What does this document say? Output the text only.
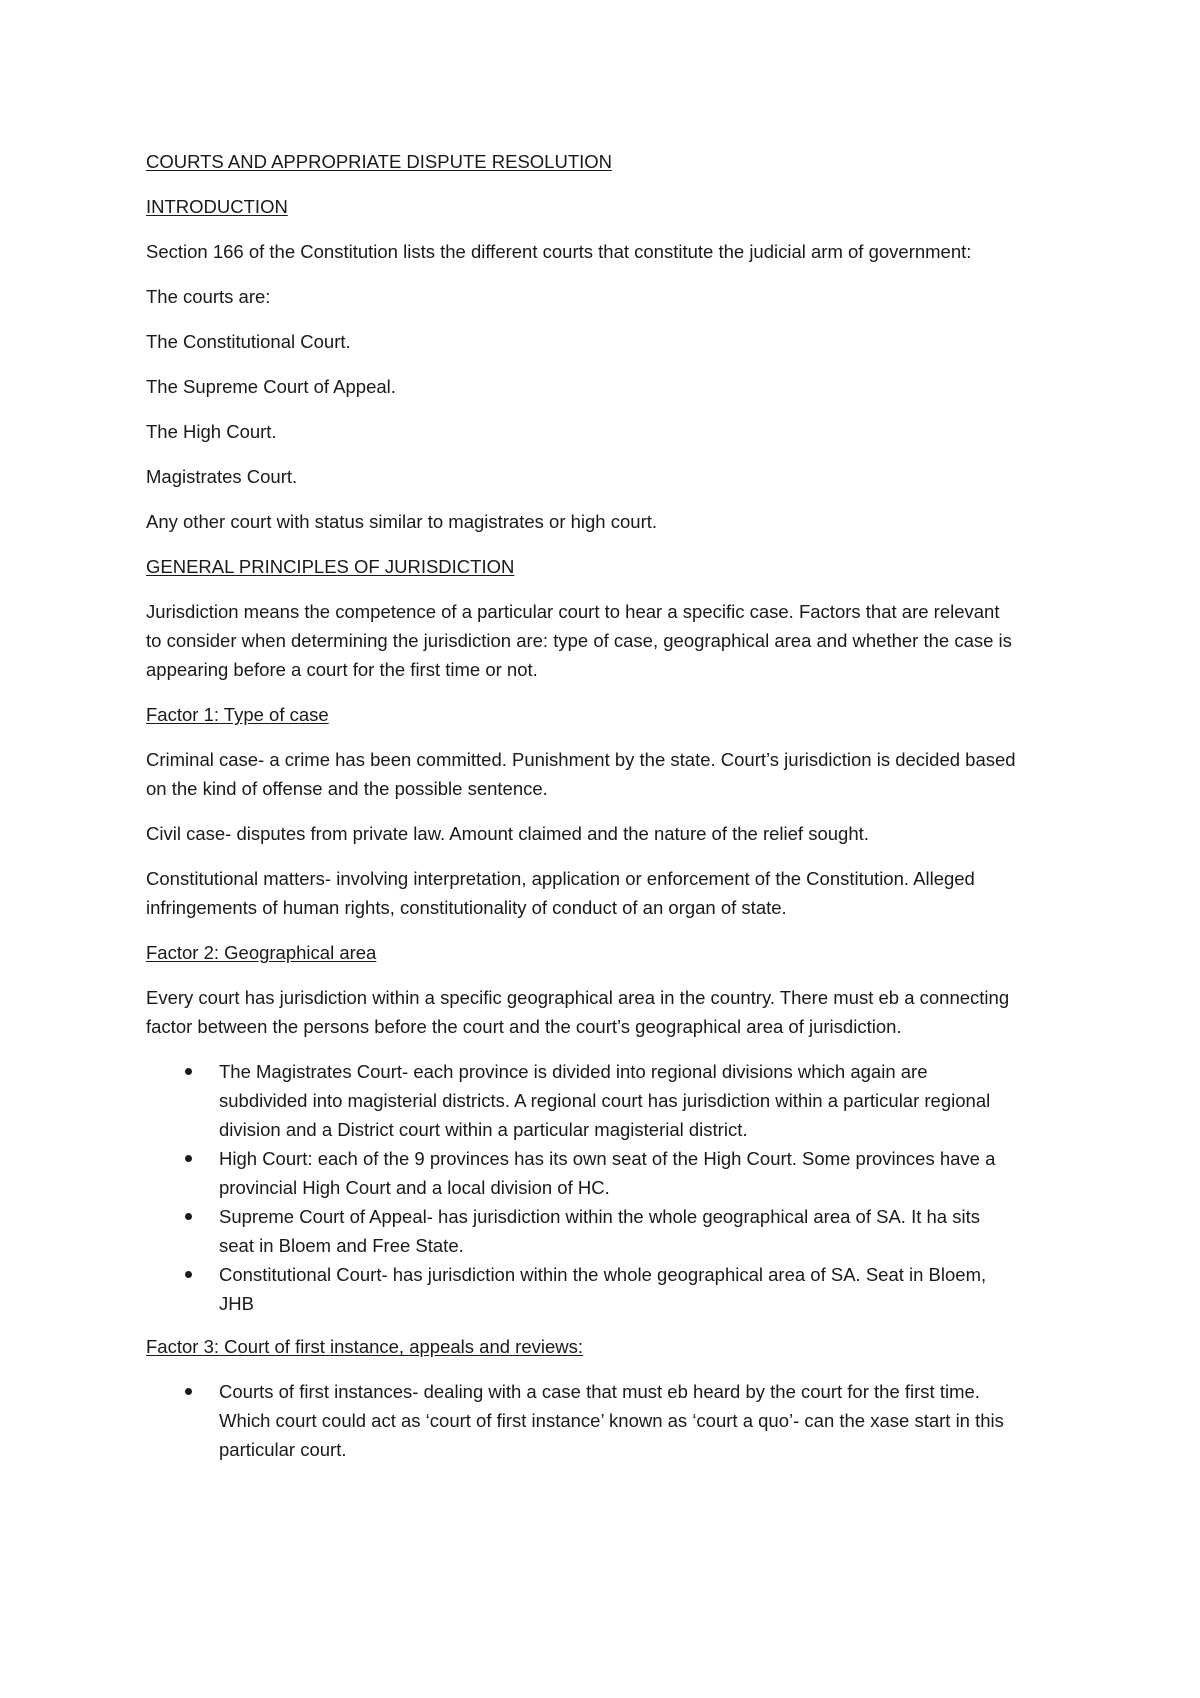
COURTS AND APPROPRIATE DISPUTE RESOLUTION

INTRODUCTION

Section 166 of the Constitution lists the different courts that constitute the judicial arm of government:

The courts are:

The Constitutional Court.

The Supreme Court of Appeal.

The High Court.

Magistrates Court.

Any other court with status similar to magistrates or high court.

GENERAL PRINCIPLES OF JURISDICTION

Jurisdiction means the competence of a particular court to hear a specific case. Factors that are relevant to consider when determining the jurisdiction are: type of case, geographical area and whether the case is appearing before a court for the first time or not.

Factor 1: Type of case

Criminal case- a crime has been committed. Punishment by the state. Court’s jurisdiction is decided based on the kind of offense and the possible sentence.

Civil case- disputes from private law. Amount claimed and the nature of the relief sought.

Constitutional matters- involving interpretation, application or enforcement of the Constitution. Alleged infringements of human rights, constitutionality of conduct of an organ of state.

Factor 2: Geographical area

Every court has jurisdiction within a specific geographical area in the country. There must eb a connecting factor between the persons before the court and the court’s geographical area of jurisdiction.

The Magistrates Court- each province is divided into regional divisions which again are subdivided into magisterial districts. A regional court has jurisdiction within a particular regional division and a District court within a particular magisterial district.
High Court: each of the 9 provinces has its own seat of the High Court. Some provinces have a provincial High Court and a local division of HC.
Supreme Court of Appeal- has jurisdiction within the whole geographical area of SA. It ha sits seat in Bloem and Free State.
Constitutional Court- has jurisdiction within the whole geographical area of SA. Seat in Bloem, JHB

Factor 3: Court of first instance, appeals and reviews:

Courts of first instances- dealing with a case that must eb heard by the court for the first time. Which court could act as ‘court of first instance’ known as ‘court a quo’- can the xase start in this particular court.
